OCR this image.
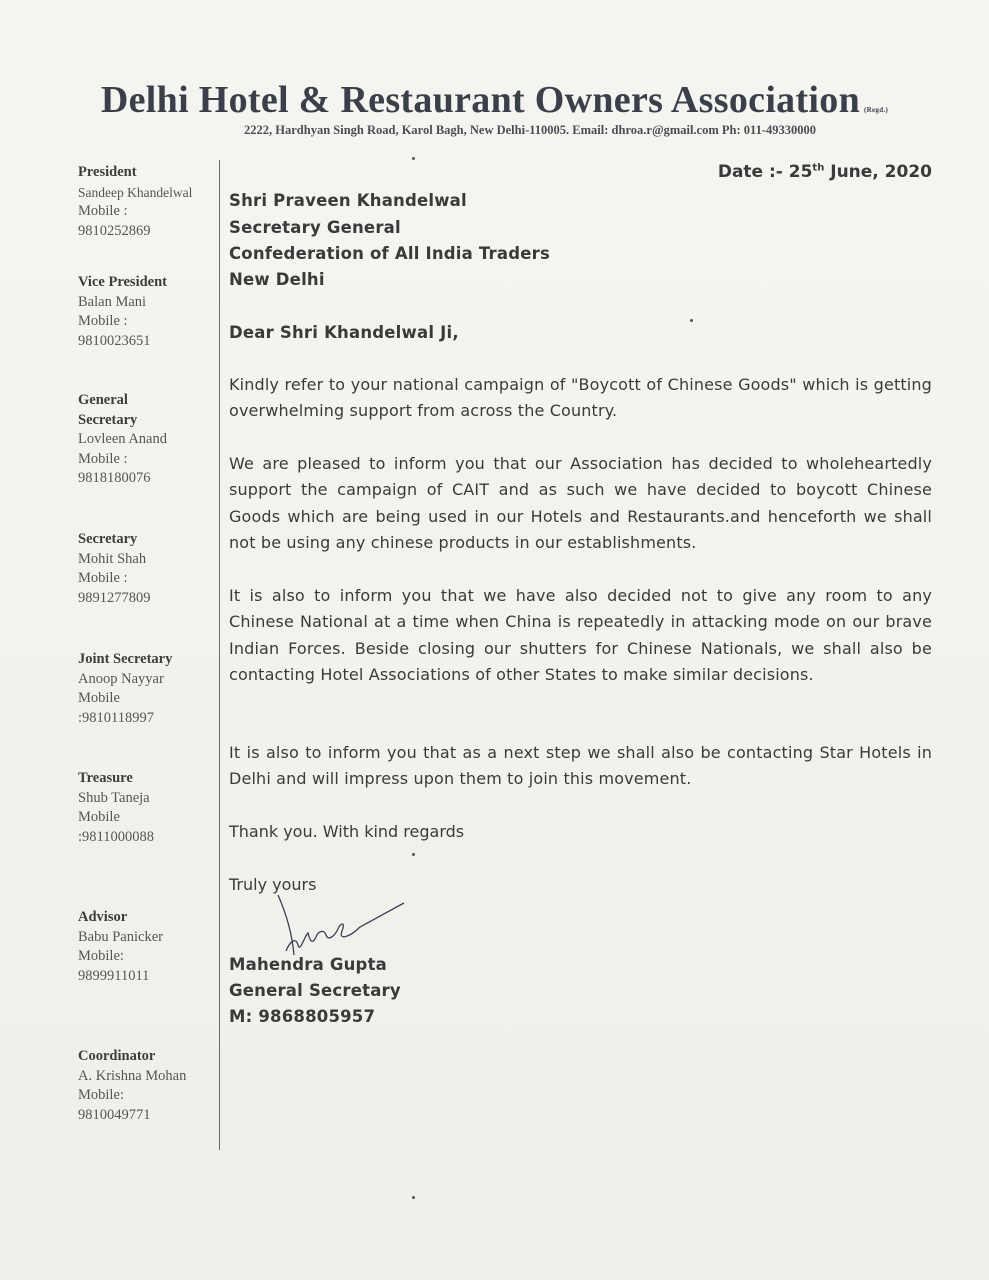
Delhi Hotel & Restaurant Owners Association (Regd.)
2222, Hardhyan Singh Road, Karol Bagh, New Delhi-110005. Email: dhroa.r@gmail.com Ph: 011-49330000
President
Sandeep Khandelwal
Mobile :
9810252869
Vice President
Balan Mani
Mobile :
9810023651
General
Secretary
Lovleen Anand
Mobile :
9818180076
Secretary
Mohit Shah
Mobile :
9891277809
Joint Secretary
Anoop Nayyar
Mobile
:9810118997
Treasure
Shub Taneja
Mobile
:9811000088
Advisor
Babu Panicker
Mobile:
9899911011
Coordinator
A. Krishna Mohan
Mobile:
9810049771
Date :- 25th June, 2020
Shri Praveen Khandelwal
Secretary General
Confederation of All India Traders
New Delhi
Dear Shri Khandelwal Ji,
Kindly refer to your national campaign of "Boycott of Chinese Goods" which is getting overwhelming support from across the Country.
We are pleased to inform you that our Association has decided to wholeheartedly support the campaign of CAIT and as such we have decided to boycott Chinese Goods which are being used in our Hotels and Restaurants.and henceforth we shall not be using any chinese products in our establishments.
It is also to inform you that we have also decided not to give any room to any Chinese National at a time when China is repeatedly in attacking mode on our brave Indian Forces. Beside closing our shutters for Chinese Nationals, we shall also be contacting Hotel Associations of other States to make similar decisions.
It is also to inform you that as a next step we shall also be contacting Star Hotels in Delhi and will impress upon them to join this movement.
Thank you. With kind regards
Truly yours
Mahendra Gupta
General Secretary
M: 9868805957
